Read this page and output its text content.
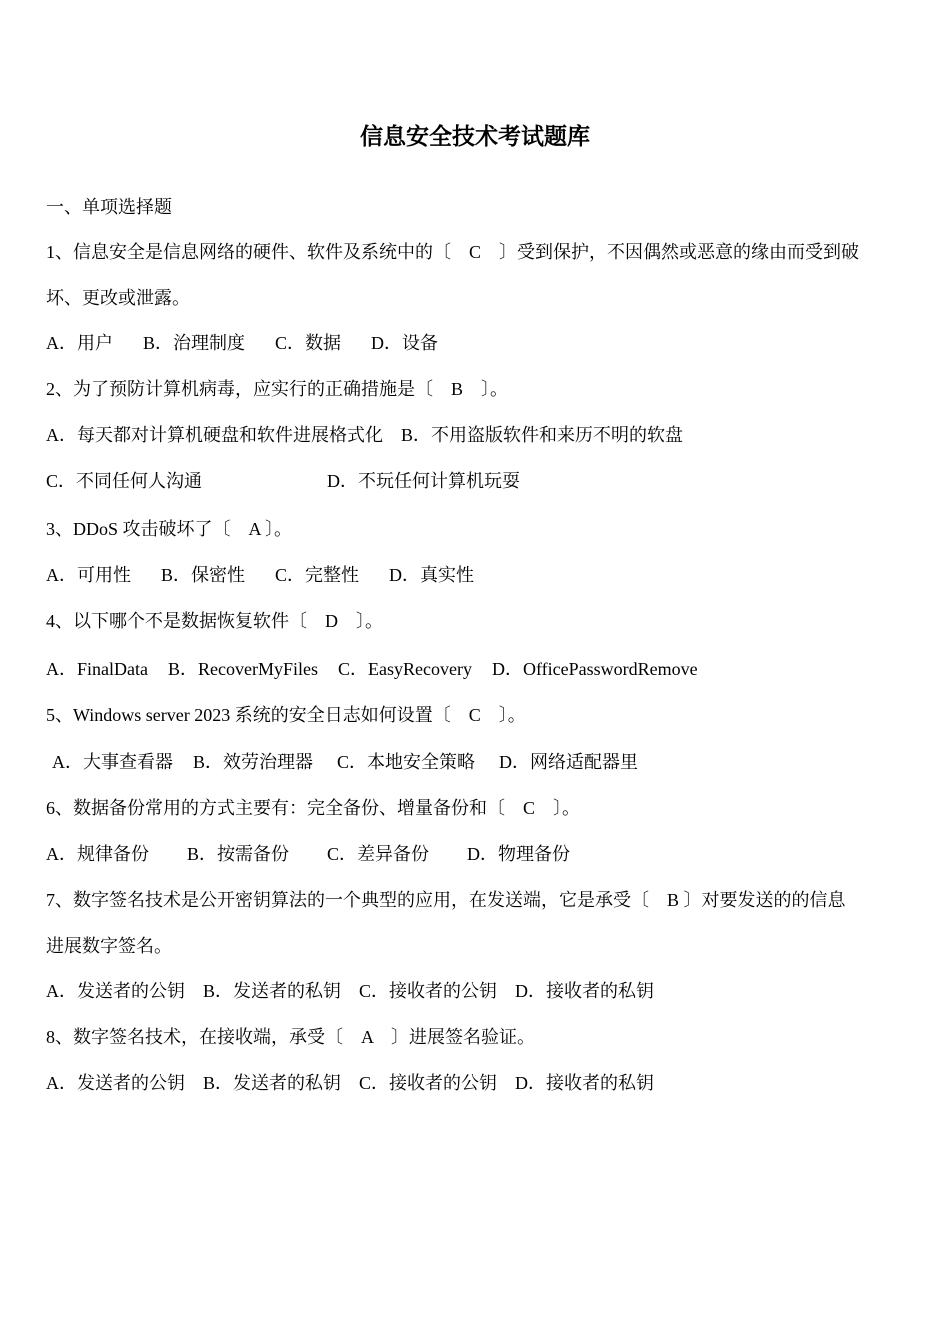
信息安全技术考试题库
一、单项选择题
1、信息安全是信息网络的硬件、软件及系统中的〔　C　〕受到保护，不因偶然或恶意的缘由而受到破
坏、更改或泄露。
A．用户 B．治理制度 C．数据 D．设备
2、为了预防计算机病毒，应实行的正确措施是〔　B　〕。
A．每天都对计算机硬盘和软件进展格式化 B．不用盗版软件和来历不明的软盘
C．不同任何人沟通	D．不玩任何计算机玩耍
3、DDoS 攻击破坏了〔　A 〕。
A．可用性 B．保密性 C．完整性 D．真实性
4、以下哪个不是数据恢复软件〔　D　〕。
A．FinalData B．RecoverMyFiles C．EasyRecovery D．OfficePasswordRemove
5、Windows server 2023 系统的安全日志如何设置〔　C　〕。
A．大事查看器 B．效劳治理器 C．本地安全策略 D．网络适配器里
6、数据备份常用的方式主要有：完全备份、增量备份和〔　C　〕。
A．规律备份 B．按需备份 C．差异备份 D．物理备份
7、数字签名技术是公开密钥算法的一个典型的应用，在发送端，它是承受〔　B 〕对要发送的的信息
进展数字签名。
A．发送者的公钥 B．发送者的私钥 C．接收者的公钥 D．接收者的私钥
8、数字签名技术，在接收端，承受〔　A　〕进展签名验证。
A．发送者的公钥 B．发送者的私钥 C．接收者的公钥 D．接收者的私钥
